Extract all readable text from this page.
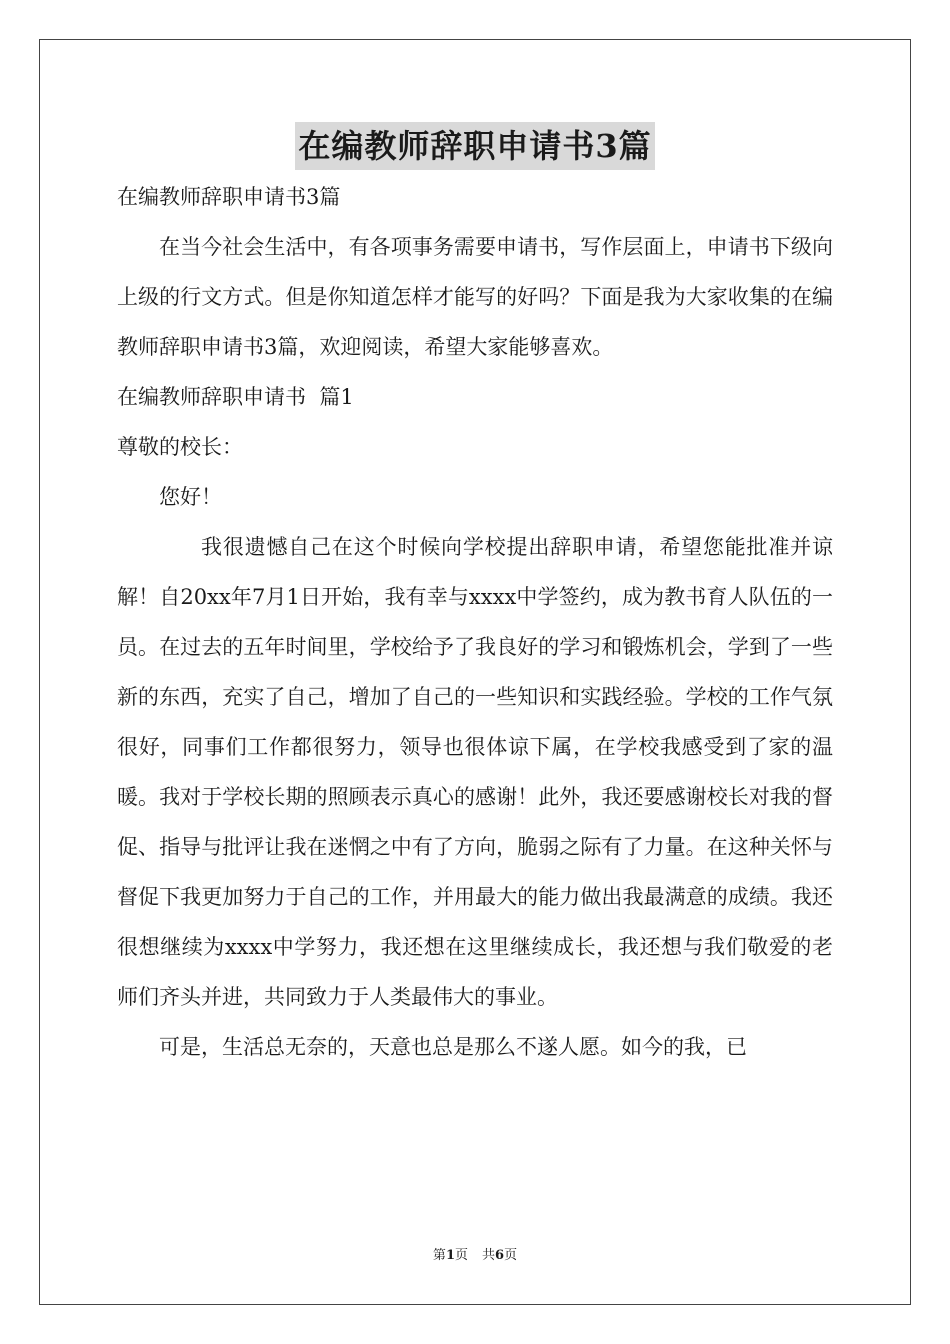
在编教师辞职申请书3篇

在编教师辞职申请书3篇

在当今社会生活中，有各项事务需要申请书，写作层面上，申请书下级向上级的行文方式。但是你知道怎样才能写的好吗？下面是我为大家收集的在编教师辞职申请书3篇，欢迎阅读，希望大家能够喜欢。

在编教师辞职申请书  篇1

尊敬的校长：

您好！

我很遗憾自己在这个时候向学校提出辞职申请，希望您能批准并谅解！自20xx年7月1日开始，我有幸与xxxx中学签约，成为教书育人队伍的一员。在过去的五年时间里，学校给予了我良好的学习和锻炼机会，学到了一些新的东西，充实了自己，增加了自己的一些知识和实践经验。学校的工作气氛很好，同事们工作都很努力，领导也很体谅下属，在学校我感受到了家的温暖。我对于学校长期的照顾表示真心的感谢！此外，我还要感谢校长对我的督促、指导与批评让我在迷惘之中有了方向，脆弱之际有了力量。在这种关怀与督促下我更加努力于自己的工作，并用最大的能力做出我最满意的成绩。我还很想继续为xxxx中学努力，我还想在这里继续成长，我还想与我们敬爱的老师们齐头并进，共同致力于人类最伟大的事业。

可是，生活总无奈的，天意也总是那么不遂人愿。如今的我，已

第1页 共6页
